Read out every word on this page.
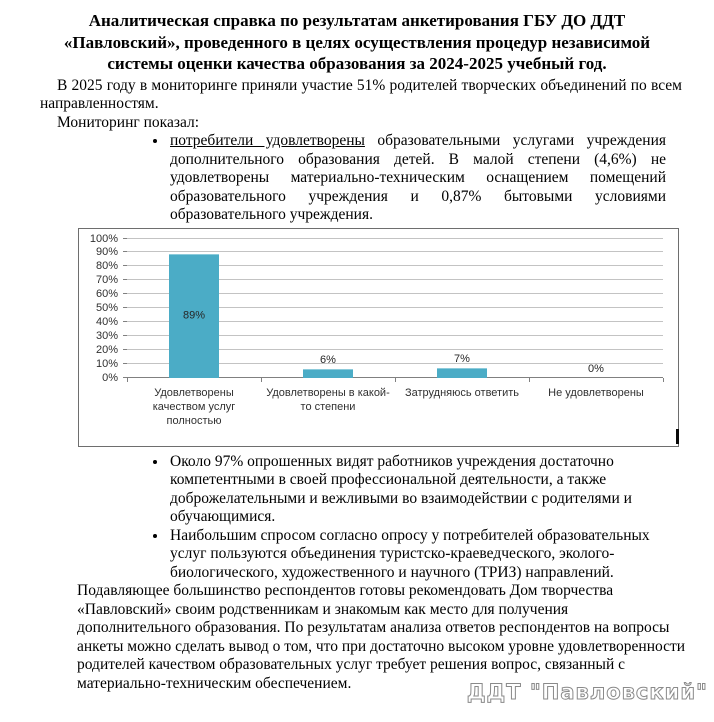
Аналитическая справка по результатам анкетирования ГБУ ДО ДДТ «Павловский», проведенного в целях осуществления процедур независимой системы оценки качества образования за 2024-2025 учебный год.
В 2025 году в мониторинге приняли участие 51% родителей творческих объединений по всем направленностям.
Мониторинг показал:
• потребители удовлетворены образовательными услугами учреждения дополнительного образования детей. В малой степени (4,6%) не удовлетворены материально-техническим оснащением помещений образовательного учреждения и 0,87% бытовыми условиями образовательного учреждения.
0%
10%
20%
30%
40%
50%
60%
70%
80%
90%
100%
89%
6%	7%
0%
Удовлетворены качеством услуг полностью
Удовлетворены в какой-то степени
Затрудняюсь ответить	Не удовлетворены
• Около 97% опрошенных видят работников учреждения достаточно компетентными в своей профессиональной деятельности, а также доброжелательными и вежливыми во взаимодействии с родителями и обучающимися.
• Наибольшим спросом согласно опросу у потребителей образовательных услуг пользуются объединения туристско-краеведческого, эколого-биологического, художественного и научного (ТРИЗ) направлений.
Подавляющее большинство респондентов готовы рекомендовать Дом творчества «Павловский» своим родственникам и знакомым как место для получения дополнительного образования. По результатам анализа ответов респондентов на вопросы анкеты можно сделать вывод о том, что при достаточно высоком уровне удовлетворенности родителей качеством образовательных услуг требует решения вопрос, связанный с материально-техническим обеспечением.	ДДТ "Павловский"
